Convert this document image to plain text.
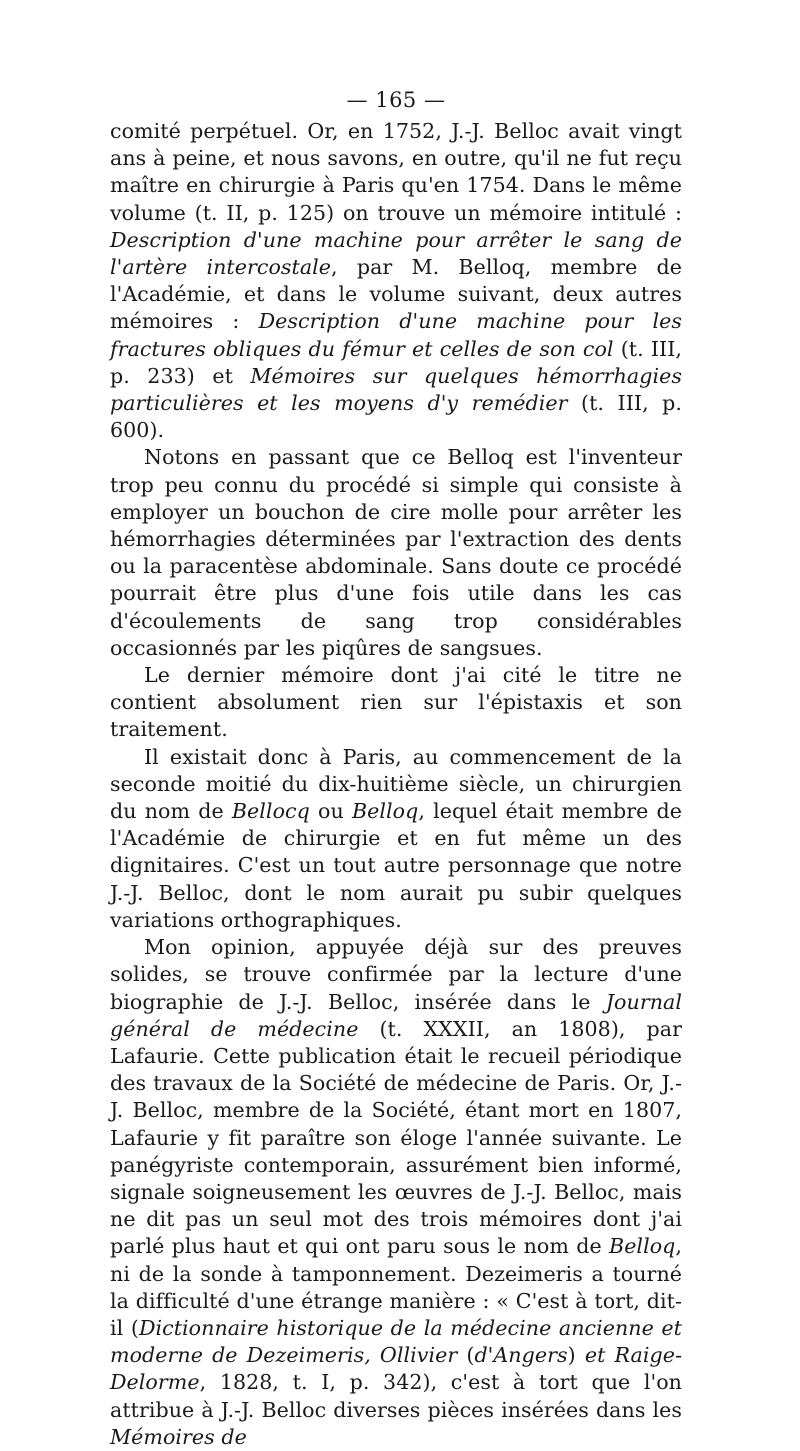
— 165 —

comité perpétuel. Or, en 1752, J.-J. Belloc avait vingt ans à peine, et nous savons, en outre, qu'il ne fut reçu maître en chirurgie à Paris qu'en 1754. Dans le même volume (t. II, p. 125) on trouve un mémoire intitulé : Description d'une machine pour arrêter le sang de l'artère intercostale, par M. Belloq, membre de l'Académie, et dans le volume suivant, deux autres mémoires : Description d'une machine pour les fractures obliques du fémur et celles de son col (t. III, p. 233) et Mémoires sur quelques hémorrhagies particulières et les moyens d'y remédier (t. III, p. 600).

Notons en passant que ce Belloq est l'inventeur trop peu connu du procédé si simple qui consiste à employer un bouchon de cire molle pour arrêter les hémorrhagies déterminées par l'extraction des dents ou la paracentèse abdominale. Sans doute ce procédé pourrait être plus d'une fois utile dans les cas d'écoulements de sang trop considérables occasionnés par les piqûres de sangsues.

Le dernier mémoire dont j'ai cité le titre ne contient absolument rien sur l'épistaxis et son traitement.

Il existait donc à Paris, au commencement de la seconde moitié du dix-huitième siècle, un chirurgien du nom de Bellocq ou Belloq, lequel était membre de l'Académie de chirurgie et en fut même un des dignitaires. C'est un tout autre personnage que notre J.-J. Belloc, dont le nom aurait pu subir quelques variations orthographiques.

Mon opinion, appuyée déjà sur des preuves solides, se trouve confirmée par la lecture d'une biographie de J.-J. Belloc, insérée dans le Journal général de médecine (t. XXXII, an 1808), par Lafaurie. Cette publication était le recueil périodique des travaux de la Société de médecine de Paris. Or, J.-J. Belloc, membre de la Société, étant mort en 1807, Lafaurie y fit paraître son éloge l'année suivante. Le panégyriste contemporain, assurément bien informé, signale soigneusement les œuvres de J.-J. Belloc, mais ne dit pas un seul mot des trois mémoires dont j'ai parlé plus haut et qui ont paru sous le nom de Belloq, ni de la sonde à tamponnement. Dezeimeris a tourné la difficulté d'une étrange manière : « C'est à tort, dit-il (Dictionnaire historique de la médecine ancienne et moderne de Dezeimeris, Ollivier (d'Angers) et Raige-Delorme, 1828, t. I, p. 342), c'est à tort que l'on attribue à J.-J. Belloc diverses pièces insérées dans les Mémoires de
